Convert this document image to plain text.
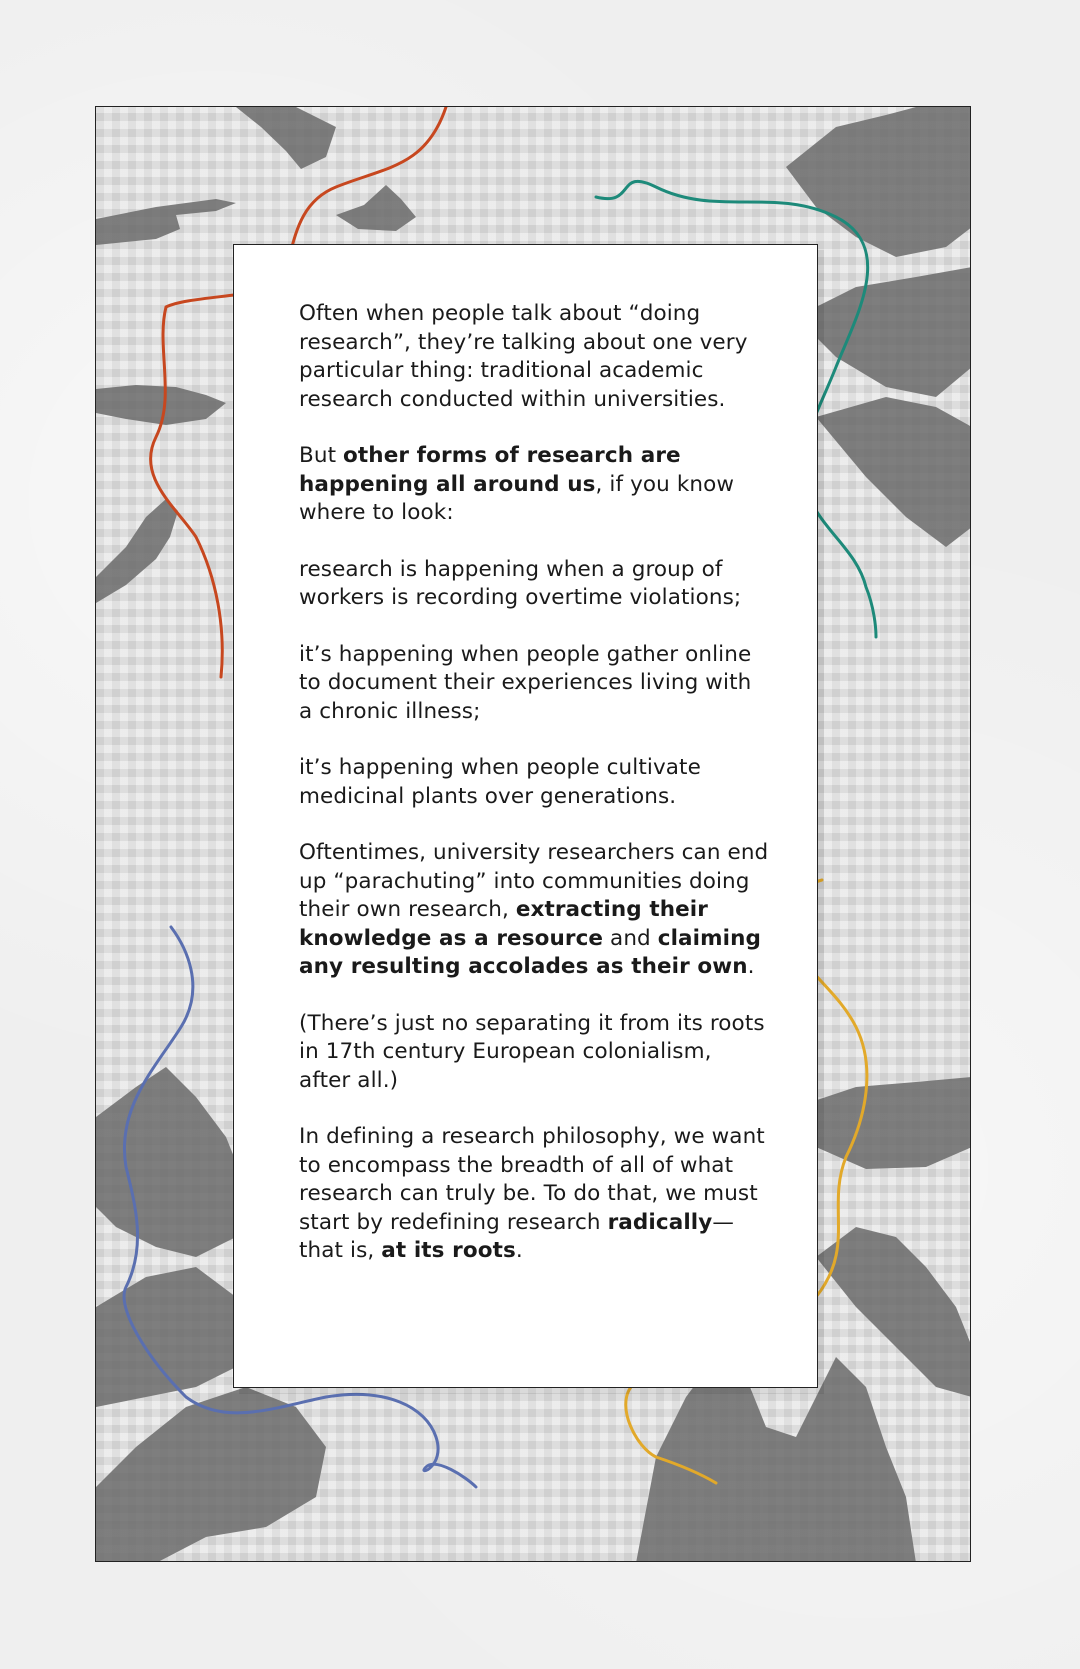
Often when people talk about “doing research”, they’re talking about one very particular thing: traditional academic research conducted within universities.

But other forms of research are happening all around us, if you know where to look:

research is happening when a group of workers is recording overtime violations;

it’s happening when people gather online to document their experiences living with a chronic illness;

it’s happening when people cultivate medicinal plants over generations.

Oftentimes, university researchers can end up “parachuting” into communities doing their own research, extracting their knowledge as a resource and claiming any resulting accolades as their own.

(There’s just no separating it from its roots in 17th century European colonialism, after all.)

In defining a research philosophy, we want to encompass the breadth of all of what research can truly be. To do that, we must start by redefining research radically— that is, at its roots.
